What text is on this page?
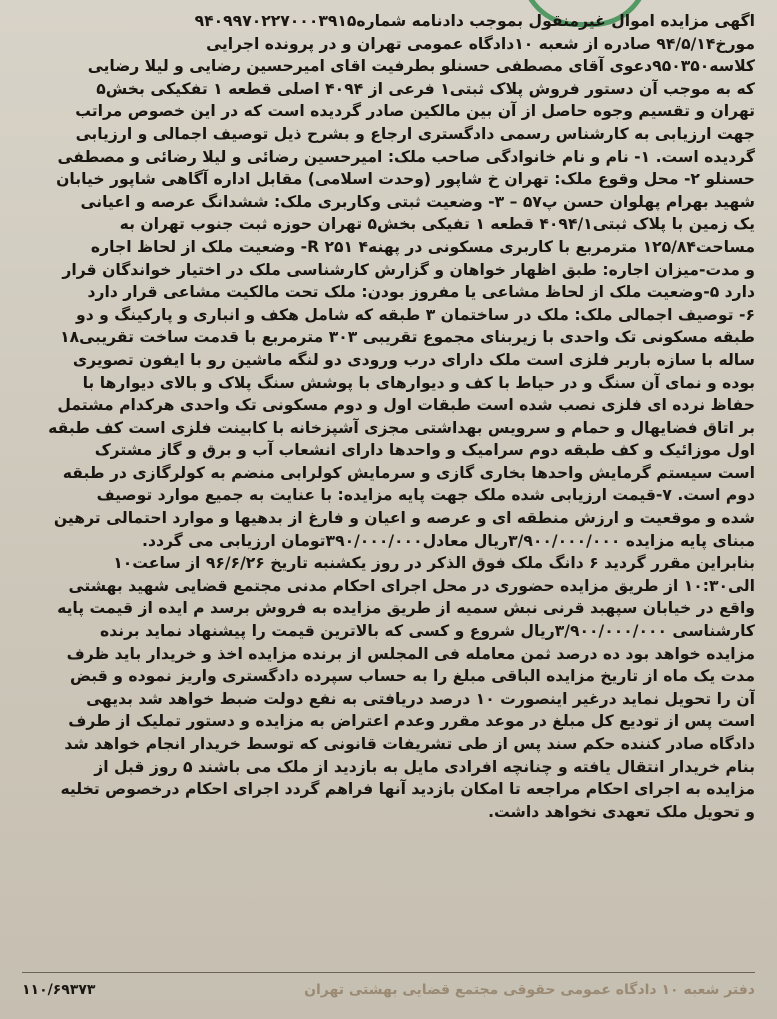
اگهی مزایده اموال غیرمنقول بموجب دادنامه شماره۹۴۰۹۹۷۰۲۲۷۰۰۰۳۹۱۵
مورخ۹۴/۵/۱۴ صادره از شعبه ۱۰دادگاه عمومی تهران و در پرونده اجرایی
کلاسه۹۵۰۳۵۰دعوی آقای مصطفی حسنلو بطرفیت اقای امیرحسین رضایی و لیلا رضایی
که به موجب آن دستور فروش پلاک ثبتی۱ فرعی از ۴۰۹۴ اصلی قطعه ۱ تفکیکی بخش۵
تهران و تقسیم وجوه حاصل از آن بین مالکین صادر گردیده است که در این خصوص مراتب
جهت ارزیابی به کارشناس رسمی دادگستری ارجاع و بشرح ذیل توصیف اجمالی و ارزیابی
گردیده است. ۱- نام و نام خانوادگی صاحب ملک: امیرحسین رضائی و لیلا رضائی و مصطفی
حسنلو ۲- محل وقوع ملک: تهران خ شاپور (وحدت اسلامی) مقابل اداره آگاهی شاپور خیابان
شهید بهرام پهلوان حسن پ۵۷ – ۳- وضعیت ثبتی وکاربری ملک: ششدانگ عرصه و اعیانی
یک زمین با پلاک ثبتی۴۰۹۴/۱ قطعه ۱ تفیکی بخش۵ تهران حوزه ثبت جنوب تهران به
مساحت۱۲۵/۸۴ مترمربع با کاربری مسکونی در پهنهR ۲۵۱ ۴- وضعیت ملک از لحاظ اجاره
و مدت-میزان اجاره: طبق اظهار خواهان و گزارش کارشناسی ملک در اختیار خواندگان قرار
دارد ۵-وضعیت ملک از لحاظ مشاعی یا مفروز بودن: ملک تحت مالکیت مشاعی قرار دارد
۶- توصیف اجمالی ملک: ملک در ساختمان ۳ طبقه که شامل هکف و انباری و پارکینگ و دو
طبقه مسکونی تک واحدی با زیربنای مجموع تقریبی ۳۰۳ مترمربع با قدمت ساخت تقریبی۱۸
ساله با سازه باربر فلزی است ملک دارای درب ورودی دو لنگه ماشین رو با ایفون تصویری
بوده و نمای آن سنگ و در حیاط با کف و دیوارهای با پوشش سنگ پلاک و بالای دیوارها با
حفاظ نرده ای فلزی نصب شده است طبقات اول و دوم مسکونی تک واحدی هرکدام مشتمل
بر اتاق فضایهال و حمام و سرویس بهداشتی مجزی آشپزخانه با کابینت فلزی است کف طبقه
اول موزائیک و کف طبقه دوم سرامیک و واحدها دارای انشعاب آب و برق و گاز مشترک
است سیستم گرمایش واحدها بخاری گازی و سرمایش کولرابی منضم به کولرگازی در طبقه
دوم است. ۷-قیمت ارزیابی شده ملک جهت پایه مزایده: با عنایت به جمیع موارد توصیف
شده و موقعیت و ارزش منطقه ای و عرصه و اعیان و فارغ از بدهیها و موارد احتمالی ترهین
مبنای پایه مزایده ۳/۹۰۰/۰۰۰/۰۰۰ریال معادل۳۹۰/۰۰۰/۰۰۰تومان ارزیابی می گردد.
بنابراین مقرر گردید ۶ دانگ ملک فوق الذکر در روز یکشنبه تاریخ ۹۶/۶/۲۶ از ساعت۱۰
الی۱۰:۳۰ از طریق مزایده حضوری در محل اجرای احکام مدنی مجتمع قضایی شهید بهشتی
واقع در خیابان سپهبد قرنی نبش سمیه از طریق مزایده به فروش برسد م ایده از قیمت پایه
کارشناسی ۳/۹۰۰/۰۰۰/۰۰۰ریال شروع و کسی که بالاترین قیمت را پیشنهاد نماید برنده
مزایده خواهد بود ده درصد ثمن معامله فی المجلس از برنده مزایده اخذ و خریدار باید ظرف
مدت یک ماه از تاریخ مزایده الباقی مبلغ را به حساب سپرده دادگستری واریز نموده و قبض
آن را تحویل نماید درغیر اینصورت ۱۰ درصد دریافتی به نفع دولت ضبط خواهد شد بدیهی
است پس از توديع كل مبلغ در موعد مقرر وعدم اعتراض به مزایده و دستور تملیک از طرف
دادگاه صادر کننده حکم سند پس از طی تشریفات قانونی که توسط خریدار انجام خواهد شد
بنام خریدار انتقال یافته و چنانچه افرادی مایل به بازدید از ملک می باشند ۵ روز قبل از
مزایده به اجرای احکام مراجعه تا امکان بازدید آنها فراهم گردد اجرای احکام درخصوص تخلیه
و تحویل ملک تعهدی نخواهد داشت.
دفتر شعبه ۱۰ دادگاه عمومی حقوقی مجتمع قضایی بهشتی تهران
۱۱۰/۶۹۳۷۳
